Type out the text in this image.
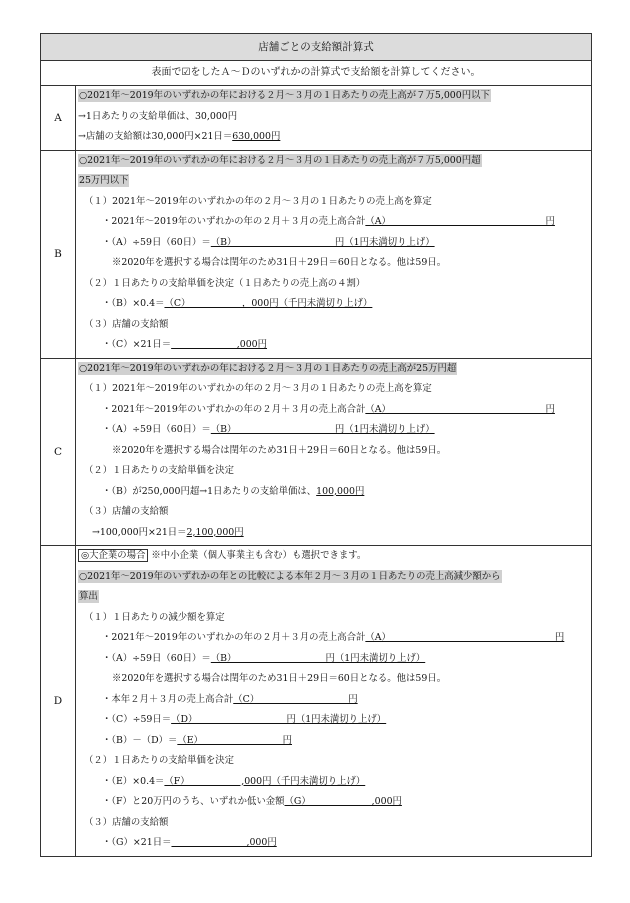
店舗ごとの支給額計算式
表面で☑をしたＡ～Ｄのいずれかの計算式で支給額を計算してください。
A
○2021年～2019年のいずれかの年における２月～３月の１日あたりの売上高が７万5,000円以下
→1日あたりの支給単価は、30,000円
→店舗の支給額は30,000円×21日＝630,000円
B
○2021年～2019年のいずれかの年における２月～３月の１日あたりの売上高が７万5,000円超
25万円以下
（１）2021年～2019年のいずれかの年の２月～３月の１日あたりの売上高を算定
・2021年～2019年のいずれかの年の２月＋３月の売上高合計（A）　　　　　　　　　　　　　　　　　円
・（A）÷59日（60日）＝（B）　　　　　　　　　　　円（1円未満切り上げ）
※2020年を選択する場合は閏年のため31日＋29日＝60日となる。他は59日。
（２）１日あたりの支給単価を決定（１日あたりの売上高の４割）
・（B）×0.4＝（C）　　　　　　，000円（千円未満切り上げ）
（３）店舗の支給額
・（C）×21日＝　　　　　　　,000円
C
○2021年～2019年のいずれかの年における２月～３月の１日あたりの売上高が25万円超
（１）2021年～2019年のいずれかの年の２月～３月の１日あたりの売上高を算定
・2021年～2019年のいずれかの年の２月＋３月の売上高合計（A）　　　　　　　　　　　　　　　　　円
・（A）÷59日（60日）＝（B）　　　　　　　　　　　円（1円未満切り上げ）
※2020年を選択する場合は閏年のため31日＋29日＝60日となる。他は59日。
（２）１日あたりの支給単価を決定
・（B）が250,000円超→1日あたりの支給単価は、100,000円
（３）店舗の支給額
→100,000円×21日＝2,100,000円
D
◎大企業の場合 ※中小企業（個人事業主も含む）も選択できます。
○2021年～2019年のいずれかの年との比較による本年２月～３月の１日あたりの売上高減少額から
算出
（１）１日あたりの減少額を算定
・2021年～2019年のいずれかの年の２月＋３月の売上高合計（A）　　　　　　　　　　　　　　　　　　円
・（A）÷59日（60日）＝（B）　　　　　　　　　　円（1円未満切り上げ）
※2020年を選択する場合は閏年のため31日＋29日＝60日となる。他は59日。
・本年２月＋３月の売上高合計（C）　　　　　　　　　　円
・（C）÷59日＝（D）　　　　　　　　　　円（1円未満切り上げ）
・（B）－（D）＝（E）　　　　　　　　　円
（２）１日あたりの支給単価を決定
・（E）×0.4＝（F）　　　　　　,000円（千円未満切り上げ）
・（F）と20万円のうち、いずれか低い金額（G）　　　　　　　,000円
（３）店舗の支給額
・（G）×21日＝　　　　　　　　,000円
